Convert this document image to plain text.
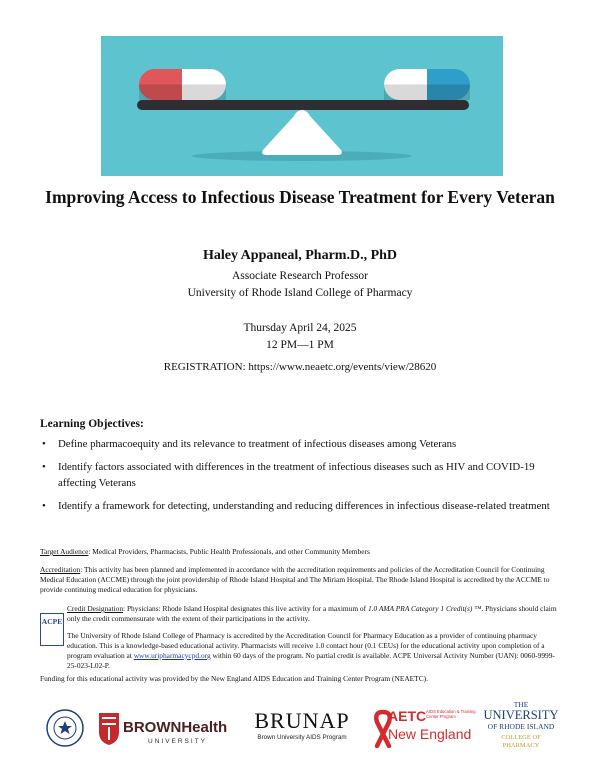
Improving Access to Infectious Disease Treatment for Every Veteran
Haley Appaneal, Pharm.D., PhD
Associate Research Professor
University of Rhode Island College of Pharmacy
Thursday April 24, 2025
12 PM—1 PM
REGISTRATION: https://www.neaetc.org/events/view/28620
Learning Objectives:
• Define pharmacoequity and its relevance to treatment of infectious diseases among Veterans
• Identify factors associated with differences in the treatment of infectious diseases such as HIV and COVID-19 affecting Veterans
• Identify a framework for detecting, understanding and reducing differences in infectious disease-related treatment
Target Audience: Medical Providers, Pharmacists, Public Health Professionals, and other Community Members
Accreditation: This activity has been planned and implemented in accordance with the accreditation requirements and policies of the Accreditation Council for Continuing Medical Education (ACCME) through the joint providership of Rhode Island Hospital and The Miriam Hospital. The Rhode Island Hospital is accredited by the ACCME to provide continuing medical education for physicians.
ACPE
Credit Designation: Physicians: Rhode Island Hospital designates this live activity for a maximum of 1.0 AMA PRA Category 1 Credit(s) ™. Physicians should claim only the credit commensurate with the extent of their participations in the activity.
The University of Rhode Island College of Pharmacy is accredited by the Accreditation Council for Pharmacy Education as a provider of continuing pharmacy education. This is a knowledge-based educational activity. Pharmacists will receive 1.0 contact hour (0.1 CEUs) for the educational activity upon completion of a program evaluation at www.uripharmacycpd.org within 60 days of the program. No partial credit is available. ACPE Universal Activity Number (UAN): 0060-9999-25-023-L02-P.
Funding for this educational activity was provided by the New England AIDS Education and Training Center Program (NEAETC).
BROWNHealth
UNIVERSITY
BRUNAP
Brown University AIDS Program
AETC AIDS Education & Training Center Program
New England
THE
UNIVERSITY
OF RHODE ISLAND
COLLEGE OF PHARMACY
